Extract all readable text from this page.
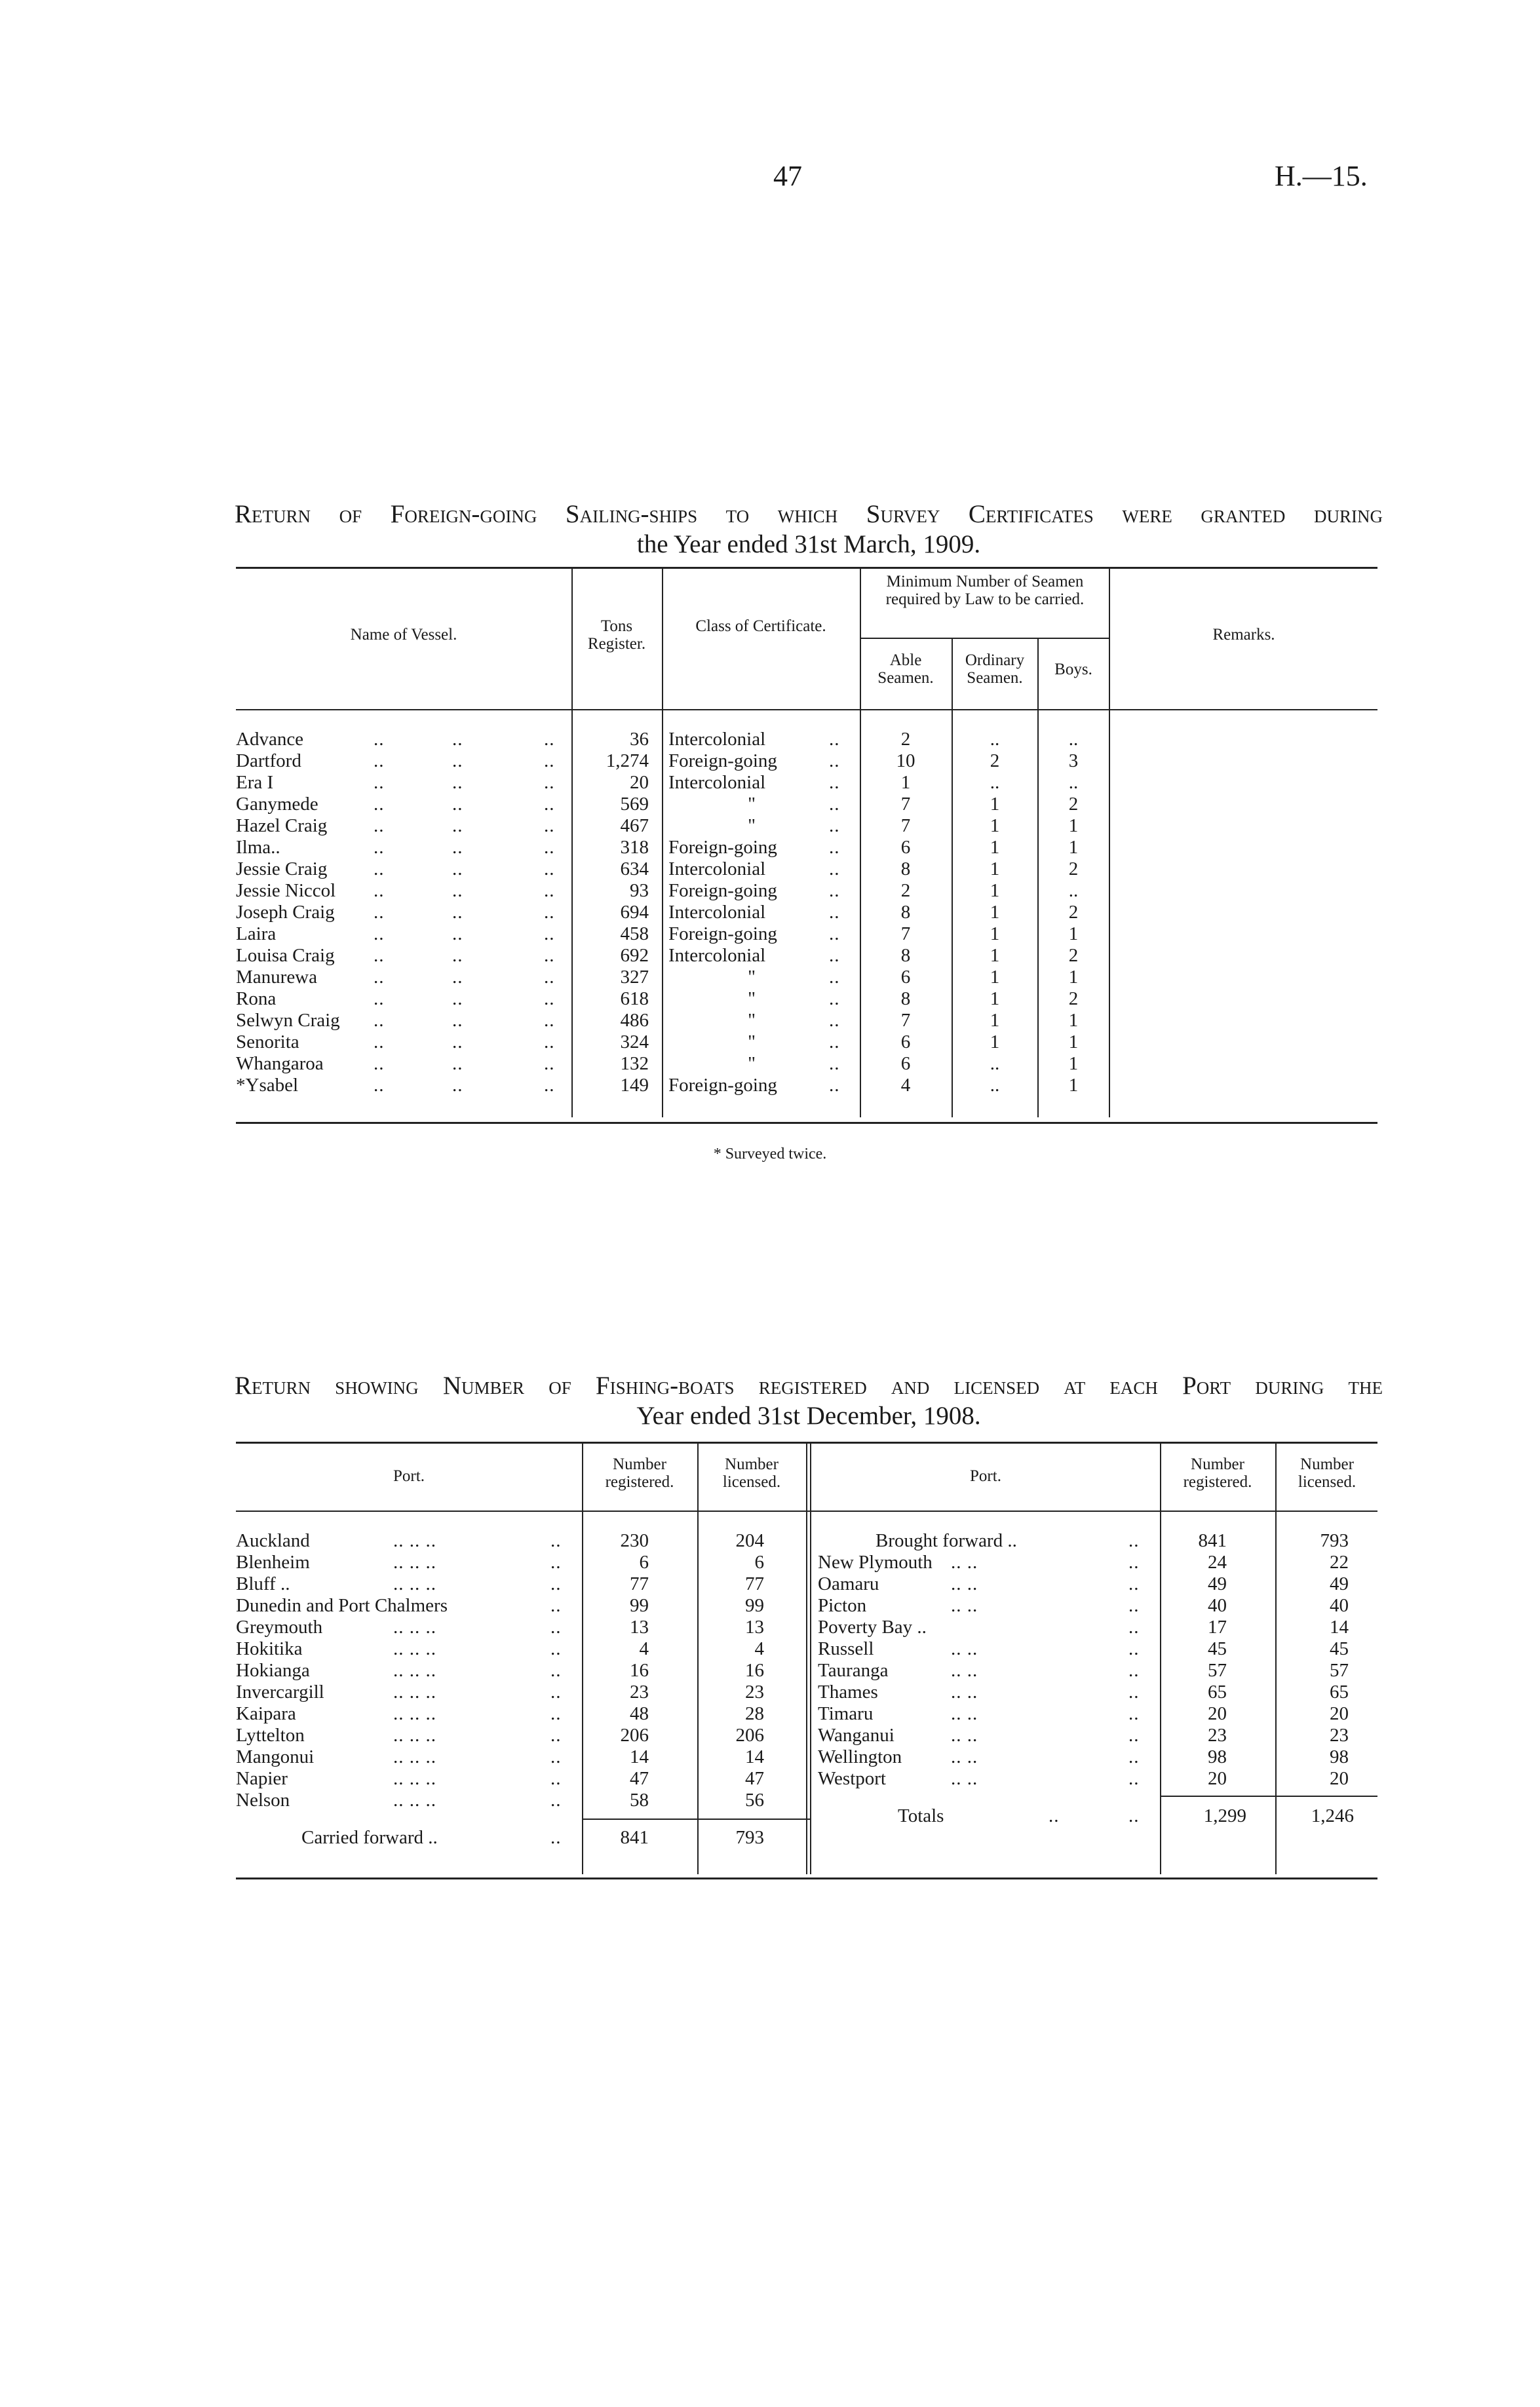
47	H.—15.
Return of Foreign-going Sailing-ships to which Survey Certificates were granted during
the Year ended 31st March, 1909.
Name of Vessel.	Tons Register.
Class of Certificate.
Minimum Number of Seamen required by Law to be carried.
Able Seamen.
Ordinary Seamen.	Boys.
Remarks.
Advance	..	..	..	36 Intercolonial	..	2	..	..
Dartford	..	..	..	1,274 Foreign-going	..	10	2	3
Era I	..	..	..	20 Intercolonial	..	1	..	..
Ganymede	..	..	..	569	"	..	7	1	2
Hazel Craig ..	..	..	467	"	..	7	1	1
Ilma..	..	..	..	318 Foreign-going	..	6	1	1
Jessie Craig ..	..	..	634 Intercolonial	..	8	1	2
Jessie Niccol ..	..	..	93 Foreign-going	..	2	1	..
Joseph Craig ..	..	..	694 Intercolonial	..	8	1	2
Laira	..	..	..	458 Foreign-going	..	7	1	1
Louisa Craig ..	..	..	692 Intercolonial	..	8	1	2
Manurewa	..	..	..	327	"	..	6	1	1
Rona	..	..	..	618	"	..	8	1	2
Selwyn Craig ..	..	..	486	"	..	7	1	1
Senorita	..	..	..	324	"	..	6	1	1
Whangaroa	..	..	..	132	"	..	6	..	1
*Ysabel	..	..	..	149 Foreign-going	..	4	..	1
* Surveyed twice.
Return showing Number of Fishing-boats registered and licensed at each Port during the
Year ended 31st December, 1908.
Port.
Number registered.
Number licensed.	Port.
Number registered.
Number licensed.
Auckland	.. .. ..	..	230	204
Blenheim	.. .. ..	..	6	6
Bluff ..	.. .. ..	..	77	77
Dunedin and Port Chalmers	..	99	99
Greymouth	.. .. ..	..	13	13
Hokitika	.. .. ..	..	4	4
Hokianga	.. .. ..	..	16	16
Invercargill	.. .. ..	..	23	23
Kaipara	.. .. ..	..	48	28
Lyttelton	.. .. ..	..	206	206
Mangonui	.. .. ..	..	14	14
Napier	.. .. ..	..	47	47
Nelson	.. .. ..	..	58	56
Brought forward ..	..	841	793
New Plymouth .. ..	..	24	22
Oamaru	.. ..	..	49	49
Picton	.. ..	..	40	40
Poverty Bay ..	..	17	14
Russell	.. ..	..	45	45
Tauranga	.. ..	..	57	57
Thames	.. ..	..	65	65
Timaru	.. ..	..	20	20
Wanganui	.. ..	..	23	23
Wellington	.. ..	..	98	98
Westport	.. ..	..	20	20
Carried forward ..	..	841	793
Totals	..	..	1,299	1,246
